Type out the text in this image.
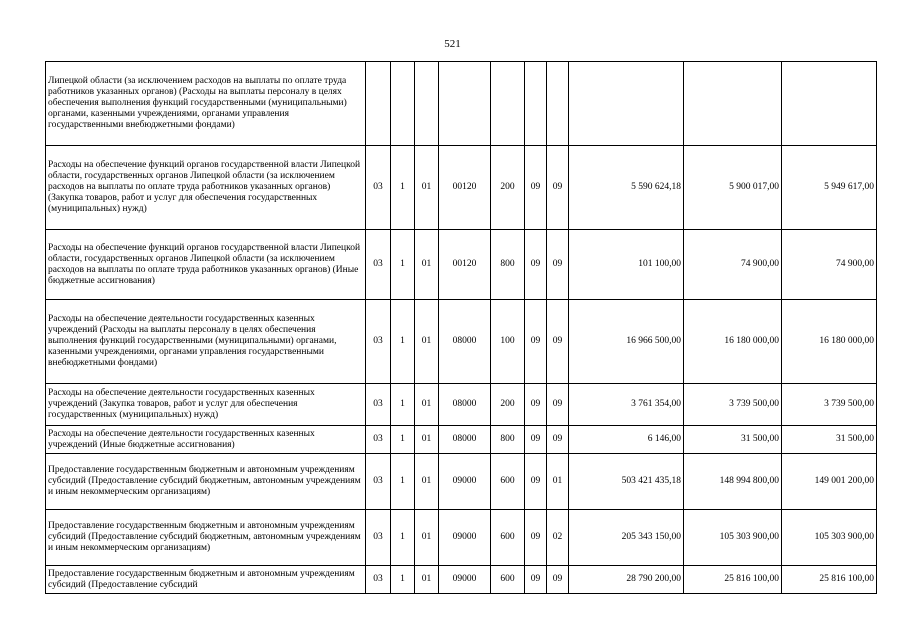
521
Липецкой области (за исключением расходов на выплаты по оплате труда работников указанных органов) (Расходы на выплаты персоналу в целях обеспечения выполнения функций государственными (муниципальными) органами, казенными учреждениями, органами управления государственными внебюджетными фондами)										
Расходы на обеспечение функций органов государственной власти Липецкой области, государственных органов Липецкой области (за исключением расходов на выплаты по оплате труда работников указанных органов) (Закупка товаров, работ и услуг для обеспечения государственных (муниципальных) нужд)	03	1	01	00120	200	09	09	5 590 624,18	5 900 017,00	5 949 617,00
Расходы на обеспечение функций органов государственной власти Липецкой области, государственных органов Липецкой области (за исключением расходов на выплаты по оплате труда работников указанных органов) (Иные бюджетные ассигнования)	03	1	01	00120	800	09	09	101 100,00	74 900,00	74 900,00
Расходы на обеспечение деятельности государственных казенных учреждений (Расходы на выплаты персоналу в целях обеспечения выполнения функций государственными (муниципальными) органами, казенными учреждениями, органами управления государственными внебюджетными фондами)	03	1	01	08000	100	09	09	16 966 500,00	16 180 000,00	16 180 000,00
Расходы на обеспечение деятельности государственных казенных учреждений (Закупка товаров, работ и услуг для обеспечения государственных (муниципальных) нужд)	03	1	01	08000	200	09	09	3 761 354,00	3 739 500,00	3 739 500,00
Расходы на обеспечение деятельности государственных казенных учреждений (Иные бюджетные ассигнования)	03	1	01	08000	800	09	09	6 146,00	31 500,00	31 500,00
Предоставление государственным бюджетным и автономным учреждениям субсидий (Предоставление субсидий бюджетным, автономным учреждениям и иным некоммерческим организациям)	03	1	01	09000	600	09	01	503 421 435,18	148 994 800,00	149 001 200,00
Предоставление государственным бюджетным и автономным учреждениям субсидий (Предоставление субсидий бюджетным, автономным учреждениям и иным некоммерческим организациям)	03	1	01	09000	600	09	02	205 343 150,00	105 303 900,00	105 303 900,00
Предоставление государственным бюджетным и автономным учреждениям субсидий (Предоставление субсидий	03	1	01	09000	600	09	09	28 790 200,00	25 816 100,00	25 816 100,00
